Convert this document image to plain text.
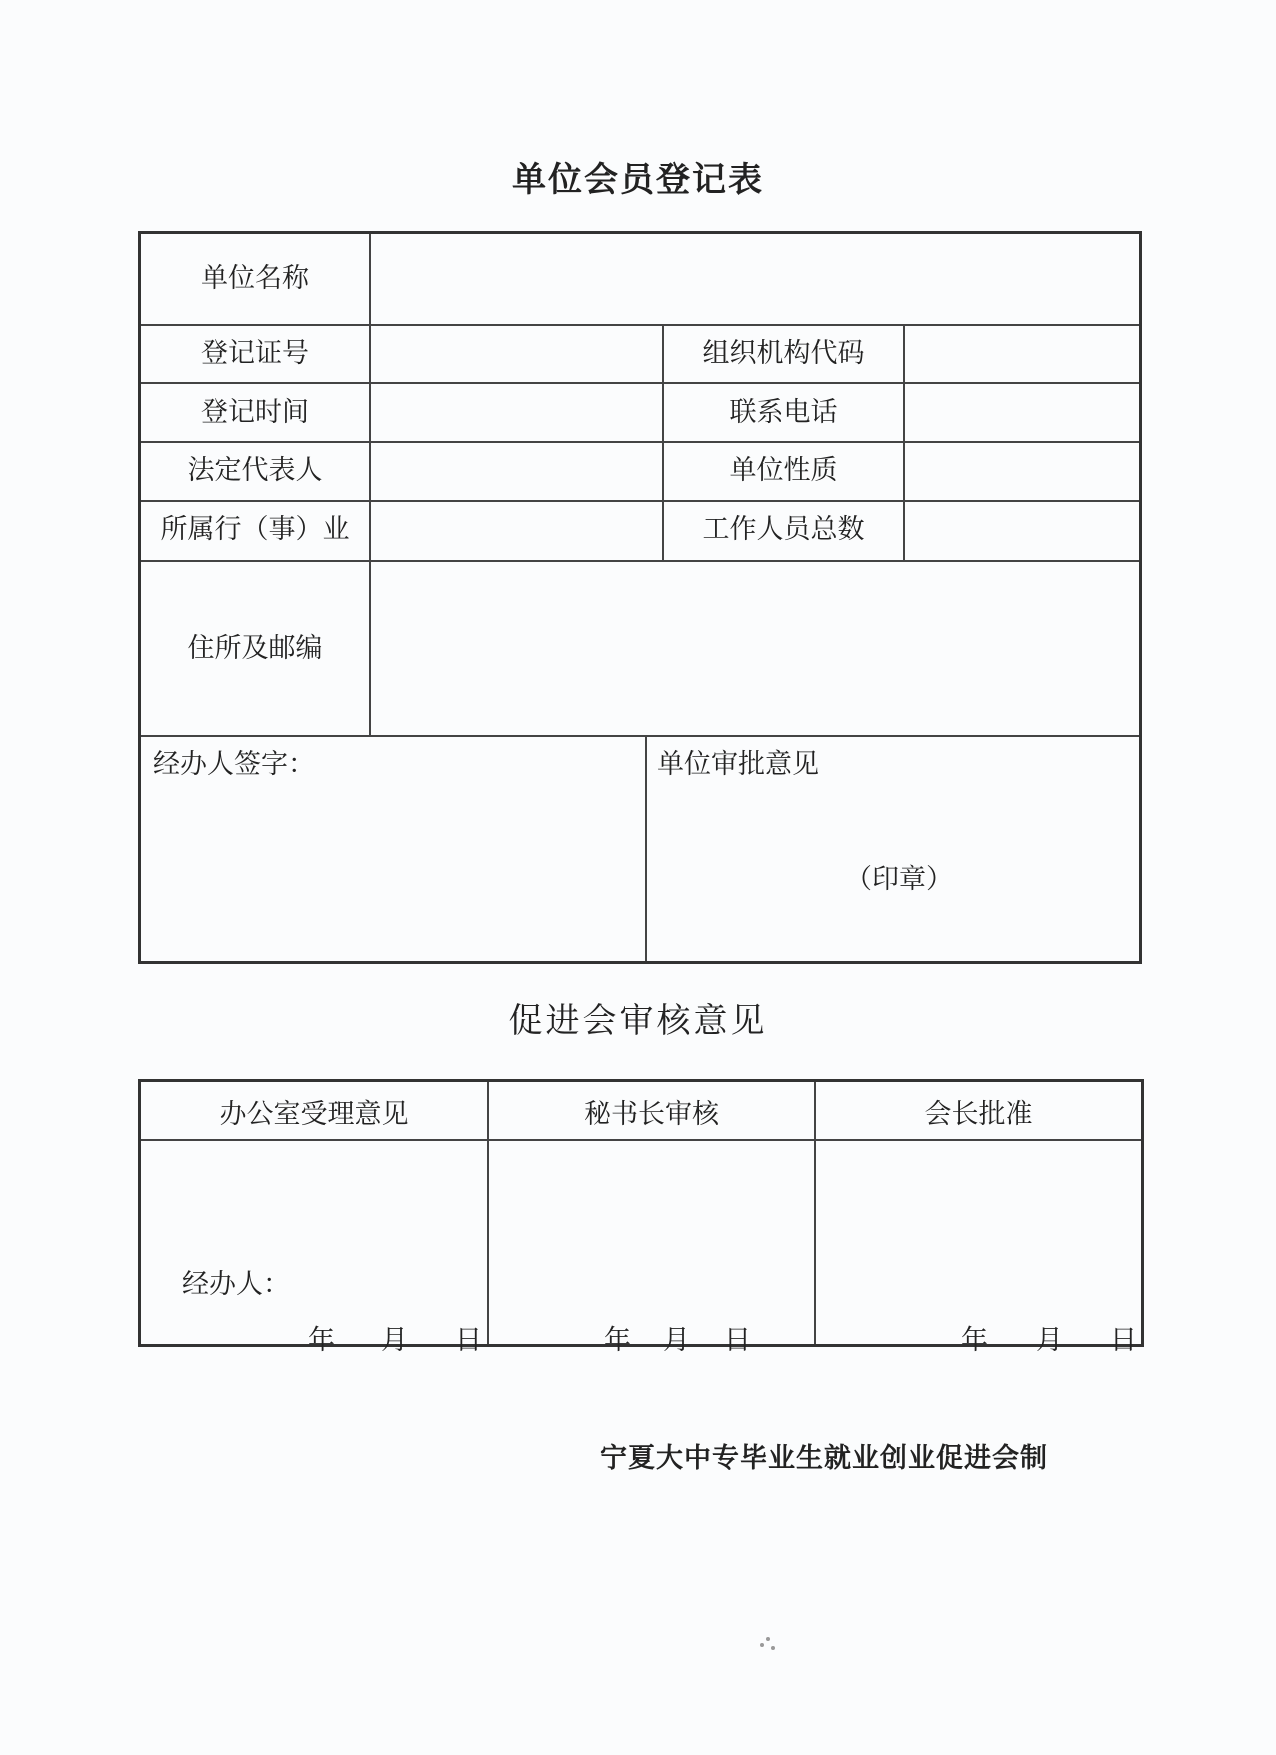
单位会员登记表
单位名称
登记证号	组织机构代码
登记时间	联系电话
法定代表人	单位性质
所属行（事）业	工作人员总数
住所及邮编
经办人签字：	单位审批意见
（印章）
促进会审核意见
办公室受理意见	秘书长审核	会长批准
经办人：
年 月 日	年 月 日	年 月 日
宁夏大中专毕业生就业创业促进会制
